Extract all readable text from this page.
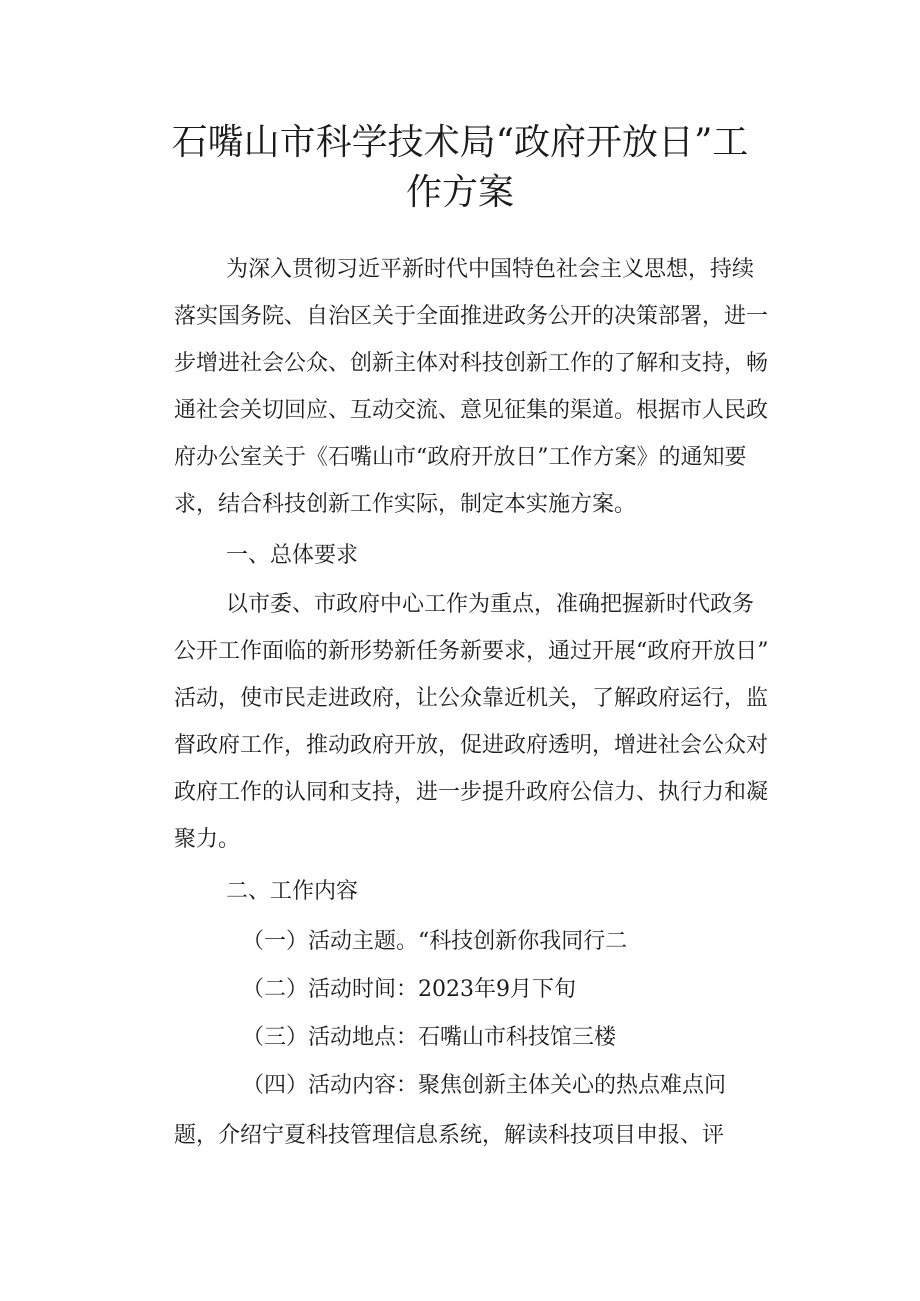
石嘴山市科学技术局“政府开放日”工
作方案
为深入贯彻习近平新时代中国特色社会主义思想，持续
落实国务院、自治区关于全面推进政务公开的决策部署，进一
步增进社会公众、创新主体对科技创新工作的了解和支持，畅
通社会关切回应、互动交流、意见征集的渠道。根据市人民政
府办公室关于《石嘴山市“政府开放日”工作方案》的通知要
求，结合科技创新工作实际，制定本实施方案。
一、总体要求
以市委、市政府中心工作为重点，准确把握新时代政务
公开工作面临的新形势新任务新要求，通过开展“政府开放日”
活动，使市民走进政府，让公众靠近机关，了解政府运行，监
督政府工作，推动政府开放，促进政府透明，增进社会公众对
政府工作的认同和支持，进一步提升政府公信力、执行力和凝
聚力。
二、工作内容
（一）活动主题。“科技创新你我同行二
（二）活动时间：2023年9月下旬
（三）活动地点：石嘴山市科技馆三楼
（四）活动内容：聚焦创新主体关心的热点难点问
题，介绍宁夏科技管理信息系统，解读科技项目申报、评
